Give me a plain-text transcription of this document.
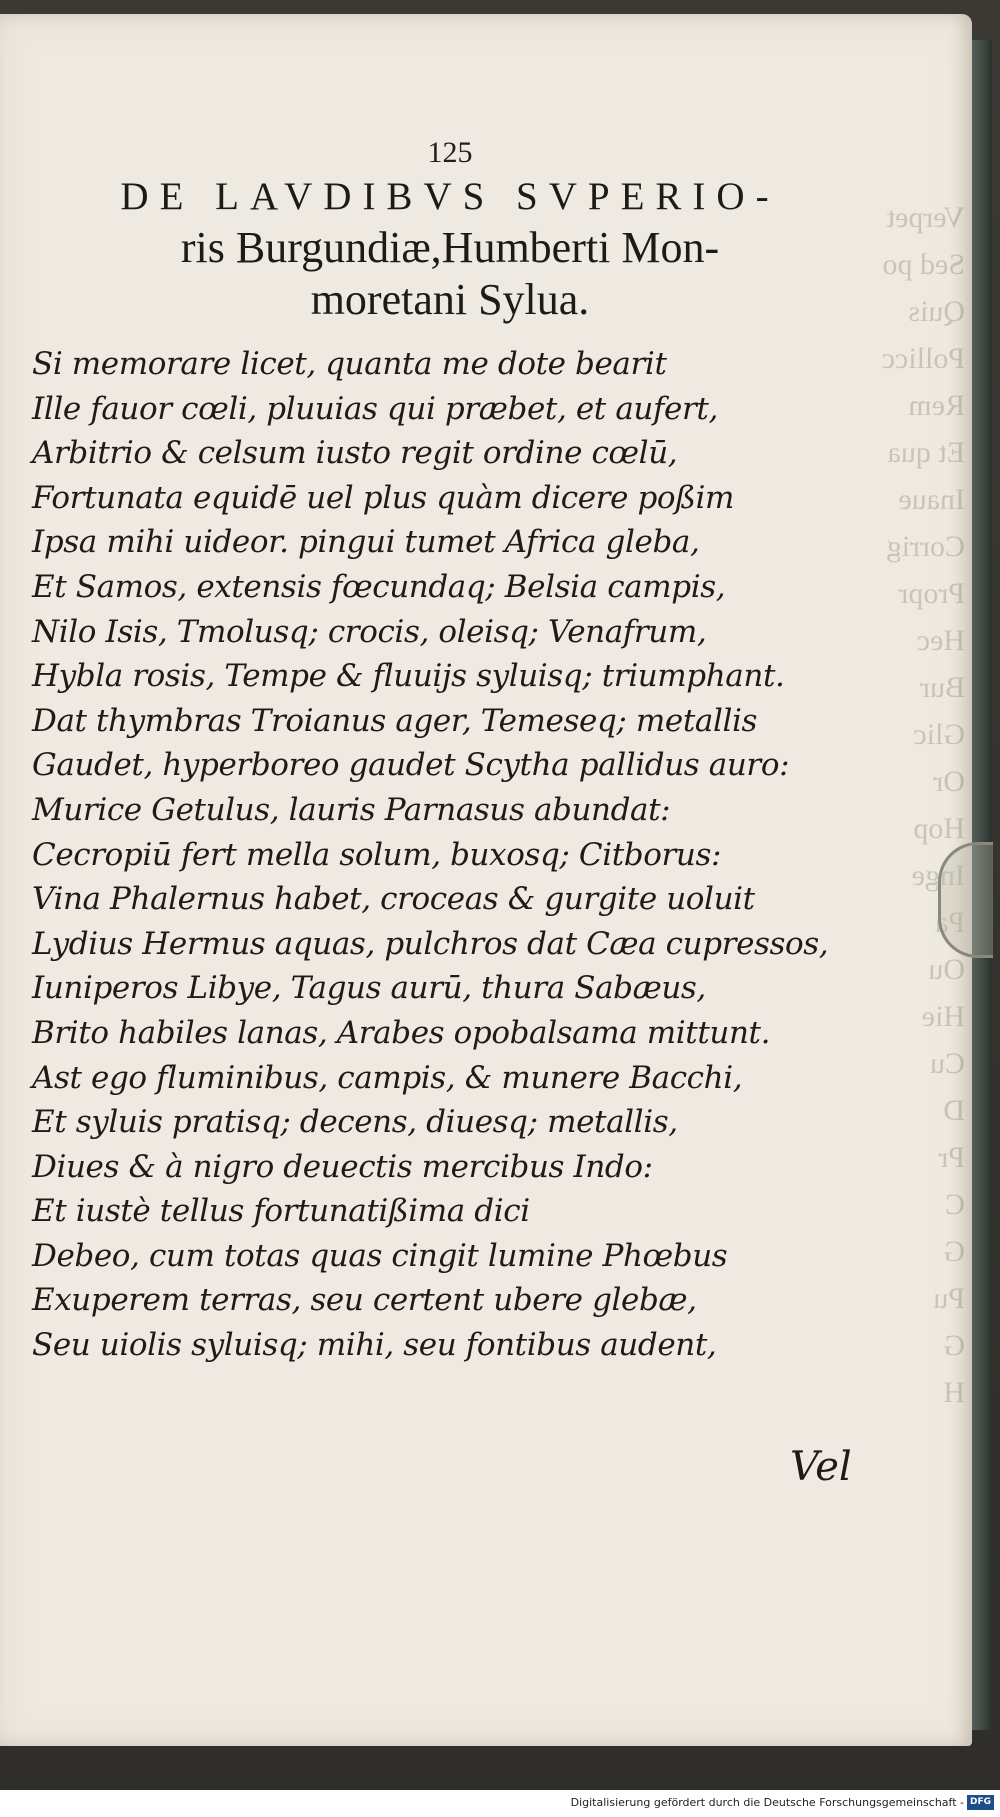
Verpet
Sed po
Quis
Pollicc
Rem
Et qua
Inaue
Corrig
Propr
Hec
Bur
Glic
Or
Hop
Inge
Pa
Ou
Hie
Cu
D
Pr
C
G
Pu
G
H
125
DE LAVDIBVS SVPERIO-
ris Burgundiæ,Humberti Mon-
moretani Sylua.
Si memorare licet, quanta me dote bearit
Ille fauor cœli, pluuias qui præbet, et aufert,
Arbitrio & celsum iusto regit ordine cœlū,
Fortunata equidē uel plus quàm dicere poßim
Ipsa mihi uideor. pingui tumet Africa gleba,
Et Samos, extensis fœcundaq; Belsia campis,
Nilo Isis, Tmolusq; crocis, oleisq; Venafrum,
Hybla rosis, Tempe & fluuijs syluisq; triumphant.
Dat thymbras Troianus ager, Temeseq; metallis
Gaudet, hyperboreo gaudet Scytha pallidus auro:
Murice Getulus, lauris Parnasus abundat:
Cecropiū fert mella solum, buxosq; Citborus:
Vina Phalernus habet, croceas & gurgite uoluit
Lydius Hermus aquas, pulchros dat Cæa cupressos,
Iuniperos Libye, Tagus aurū, thura Sabæus,
Brito habiles lanas, Arabes opobalsama mittunt.
Ast ego fluminibus, campis, & munere Bacchi,
Et syluis pratisq; decens, diuesq; metallis,
Diues & à nigro deuectis mercibus Indo:
Et iustè tellus fortunatißima dici
Debeo, cum totas quas cingit lumine Phœbus
Exuperem terras, seu certent ubere glebæ,
Seu uiolis syluisq; mihi, seu fontibus audent,
Vel
Digitalisierung gefördert durch die Deutsche Forschungsgemeinschaft - DFG
